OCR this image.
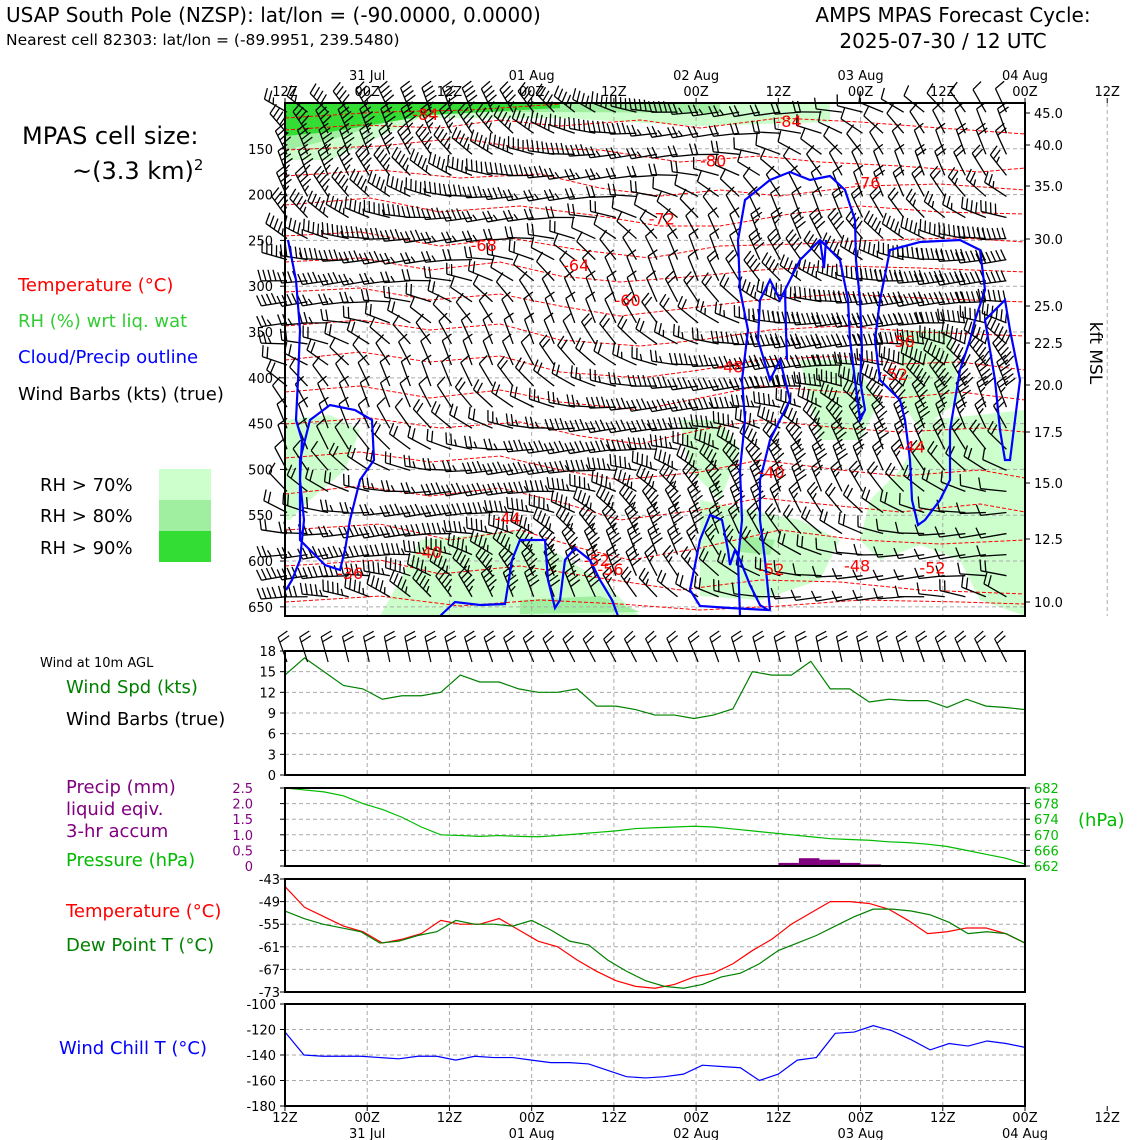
USAP South Pole (NZSP): lat/lon = (-90.0000, 0.0000)
Nearest cell 82303: lat/lon = (-89.9951, 239.5480)
AMPS MPAS Forecast Cycle:
2025-07-30 / 12 UTC
MPAS cell size:
~(3.3 km)$^2$
Temperature (°C)
RH (%) wrt liq. wat
Cloud/Precip outline
Wind Barbs (kts) (true)
RH > 70%
RH > 80%
RH > 90%
Wind at 10m AGL
Wind Spd (kts)
Wind Barbs (true)
Precip (mm)
liquid eqiv.
3-hr accum
Pressure (hPa)
(hPa)
Temperature (°C)
Dew Point T (°C)
Wind Chill T (°C)
-84	-84
-80
-76
-72
-68
-64
-60
-56
-52
-48
-44
-44
-40
-40
-36
-52
-56	-52	-48	-52
150
200
250
300
350
400
450
500
550
600
650
45.0
40.0
35.0
30.0
25.0
22.5
20.0
17.5
15.0
12.5
10.0
kft MSL
12Z	00Z	12Z	00Z	12Z	00Z	12Z	00Z	12Z	00Z	12Z
31 Jul	01 Aug	02 Aug	03 Aug	04 Aug
0
3
6
9
12
15
18
0
0.5
1.0
1.5
2.0
2.5
662
666
670
674
678
682
-43
-49
-55
-61
-67
-73
-100
-120
-140
-160
-180
12Z	00Z	12Z	00Z	12Z	00Z	12Z	00Z	12Z	00Z	12Z
31 Jul	01 Aug	02 Aug	03 Aug	04 Aug
